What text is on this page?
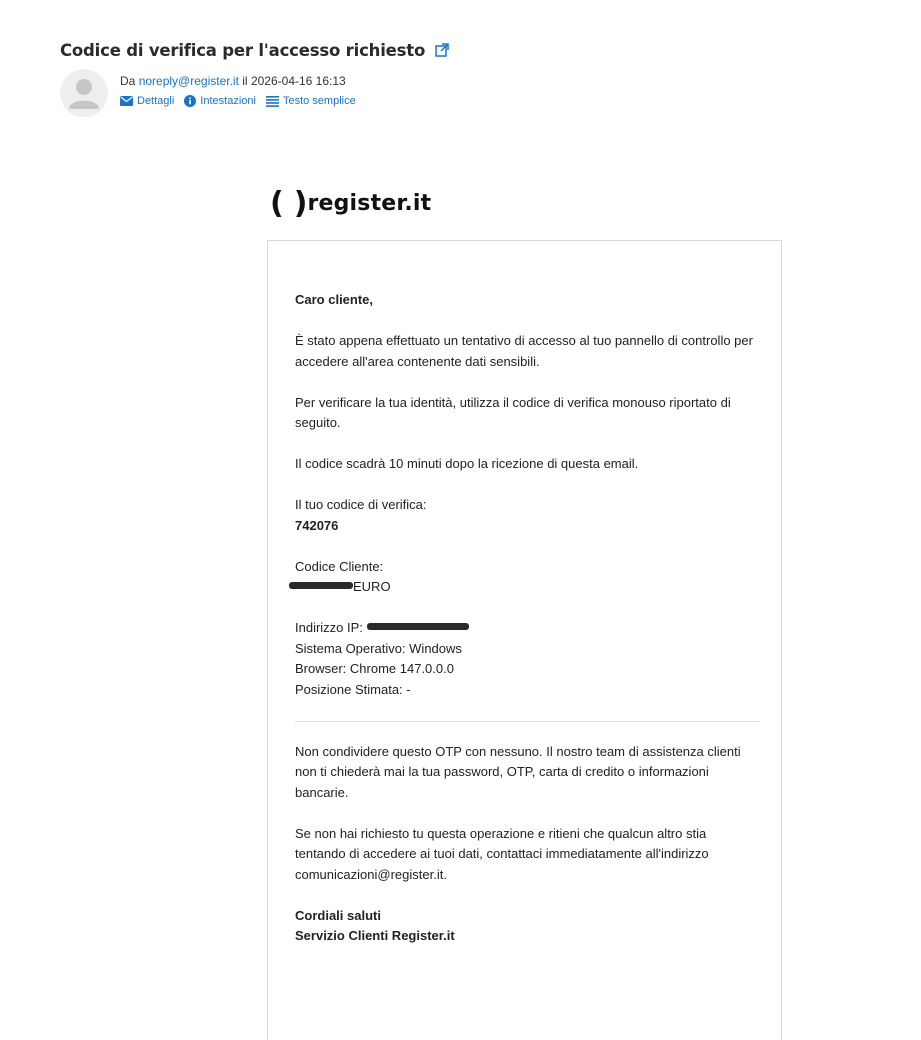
Codice di verifica per l'accesso richiesto
Da noreply@register.it il 2026-04-16 16:13
Dettagli Intestazioni Testo semplice
( ) register.it

Caro cliente,

È stato appena effettuato un tentativo di accesso al tuo pannello di controllo per accedere all'area contenente dati sensibili.

Per verificare la tua identità, utilizza il codice di verifica monouso riportato di seguito.

Il codice scadrà 10 minuti dopo la ricezione di questa email.

Il tuo codice di verifica:
742076

Codice Cliente:
EURO

Indirizzo IP:
Sistema Operativo: Windows
Browser: Chrome 147.0.0.0
Posizione Stimata: -

Non condividere questo OTP con nessuno. Il nostro team di assistenza clienti non ti chiederà mai la tua password, OTP, carta di credito o informazioni bancarie.

Se non hai richiesto tu questa operazione e ritieni che qualcun altro stia tentando di accedere ai tuoi dati, contattaci immediatamente all'indirizzo comunicazioni@register.it.

Cordiali saluti
Servizio Clienti Register.it
